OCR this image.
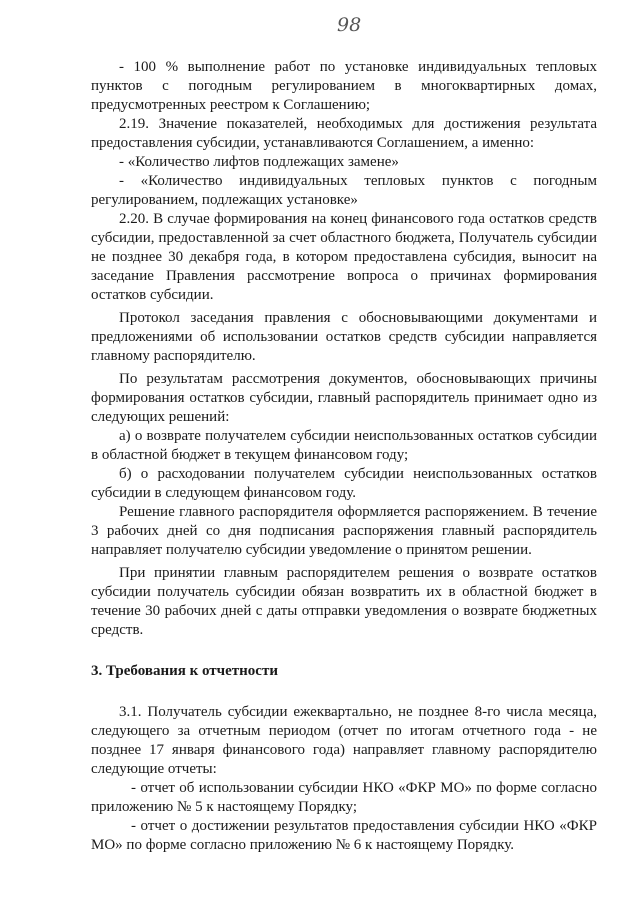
98

- 100 % выполнение работ по установке индивидуальных тепловых пунктов с погодным регулированием в многоквартирных домах, предусмотренных реестром к Соглашению;

2.19. Значение показателей, необходимых для достижения результата предоставления субсидии, устанавливаются Соглашением, а именно:

- «Количество лифтов подлежащих замене»

- «Количество индивидуальных тепловых пунктов с погодным регулированием, подлежащих установке»

2.20. В случае формирования на конец финансового года остатков средств субсидии, предоставленной за счет областного бюджета, Получатель субсидии не позднее 30 декабря года, в котором предоставлена субсидия, выносит на заседание Правления рассмотрение вопроса о причинах формирования остатков субсидии.

Протокол заседания правления с обосновывающими документами и предложениями об использовании остатков средств субсидии направляется главному распорядителю.

По результатам рассмотрения документов, обосновывающих причины формирования остатков субсидии, главный распорядитель принимает одно из следующих решений:

а) о возврате получателем субсидии неиспользованных остатков субсидии в областной бюджет в текущем финансовом году;

б) о расходовании получателем субсидии неиспользованных остатков субсидии в следующем финансовом году.

Решение главного распорядителя оформляется распоряжением. В течение 3 рабочих дней со дня подписания распоряжения главный распорядитель направляет получателю субсидии уведомление о принятом решении.

При принятии главным распорядителем решения о возврате остатков субсидии получатель субсидии обязан возвратить их в областной бюджет в течение 30 рабочих дней с даты отправки уведомления о возврате бюджетных средств.

3. Требования к отчетности

3.1. Получатель субсидии ежеквартально, не позднее 8-го числа месяца, следующего за отчетным периодом (отчет по итогам отчетного года - не позднее 17 января финансового года) направляет главному распорядителю следующие отчеты:

- отчет об использовании субсидии НКО «ФКР МО» по форме согласно приложению № 5 к настоящему Порядку;

- отчет о достижении результатов предоставления субсидии НКО «ФКР МО» по форме согласно приложению № 6 к настоящему Порядку.
